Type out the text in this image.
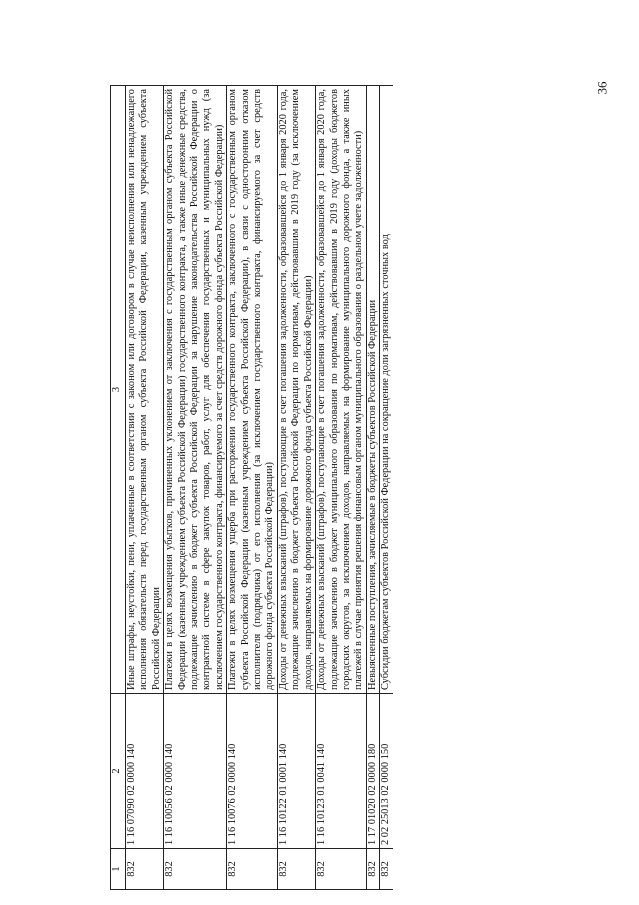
36
1	2	3
832	1 16 07090 02 0000 140	Иные штрафы, неустойки, пени, уплаченные в соответствии с законом или договором в случае неисполнения или ненадлежащего исполнения обязательств перед государственным органом субъекта Российской Федерации, казенным учреждением субъекта Российской Федерации
832	1 16 10056 02 0000 140	Платежи в целях возмещения убытков, причиненных уклонением от заключения с государственным органом субъекта Российской Федерации (казенным учреждением субъекта Российской Федерации) государственного контракта, а также иные денежные средства, подлежащие зачислению в бюджет субъекта Российской Федерации за нарушение законодательства Российской Федерации о контрактной системе в сфере закупок товаров, работ, услуг для обеспечения государственных и муниципальных нужд (за исключением государственного контракта, финансируемого за счет средств дорожного фонда субъекта Российской Федерации)
832	1 16 10076 02 0000 140	Платежи в целях возмещения ущерба при расторжении государственного контракта, заключенного с государственным органом субъекта Российской Федерации (казенным учреждением субъекта Российской Федерации), в связи с односторонним отказом исполнителя (подрядчика) от его исполнения (за исключением государственного контракта, финансируемого за счет средств дорожного фонда субъекта Российской Федерации)
832	1 16 10122 01 0001 140	Доходы от денежных взысканий (штрафов), поступающие в счет погашения задолженности, образовавшейся до 1 января 2020 года, подлежащие зачислению в бюджет субъекта Российской Федерации по нормативам, действовавшим в 2019 году (за исключением доходов, направляемых на формирование дорожного фонда субъекта Российской Федерации)
832	1 16 10123 01 0041 140	Доходы от денежных взысканий (штрафов), поступающие в счет погашения задолженности, образовавшейся до 1 января 2020 года, подлежащие зачислению в бюджет муниципального образования по нормативам, действовавшим в 2019 году (доходы бюджетов городских округов, за исключением доходов, направляемых на формирование муниципального дорожного фонда, а также иных платежей в случае принятия решения финансовым органом муниципального образования о раздельном учете задолженности)
832	1 17 01020 02 0000 180	Невыясненные поступления, зачисляемые в бюджеты субъектов Российской Федерации
832	2 02 25013 02 0000 150	Субсидии бюджетам субъектов Российской Федерации на сокращение доли загрязненных сточных вод
